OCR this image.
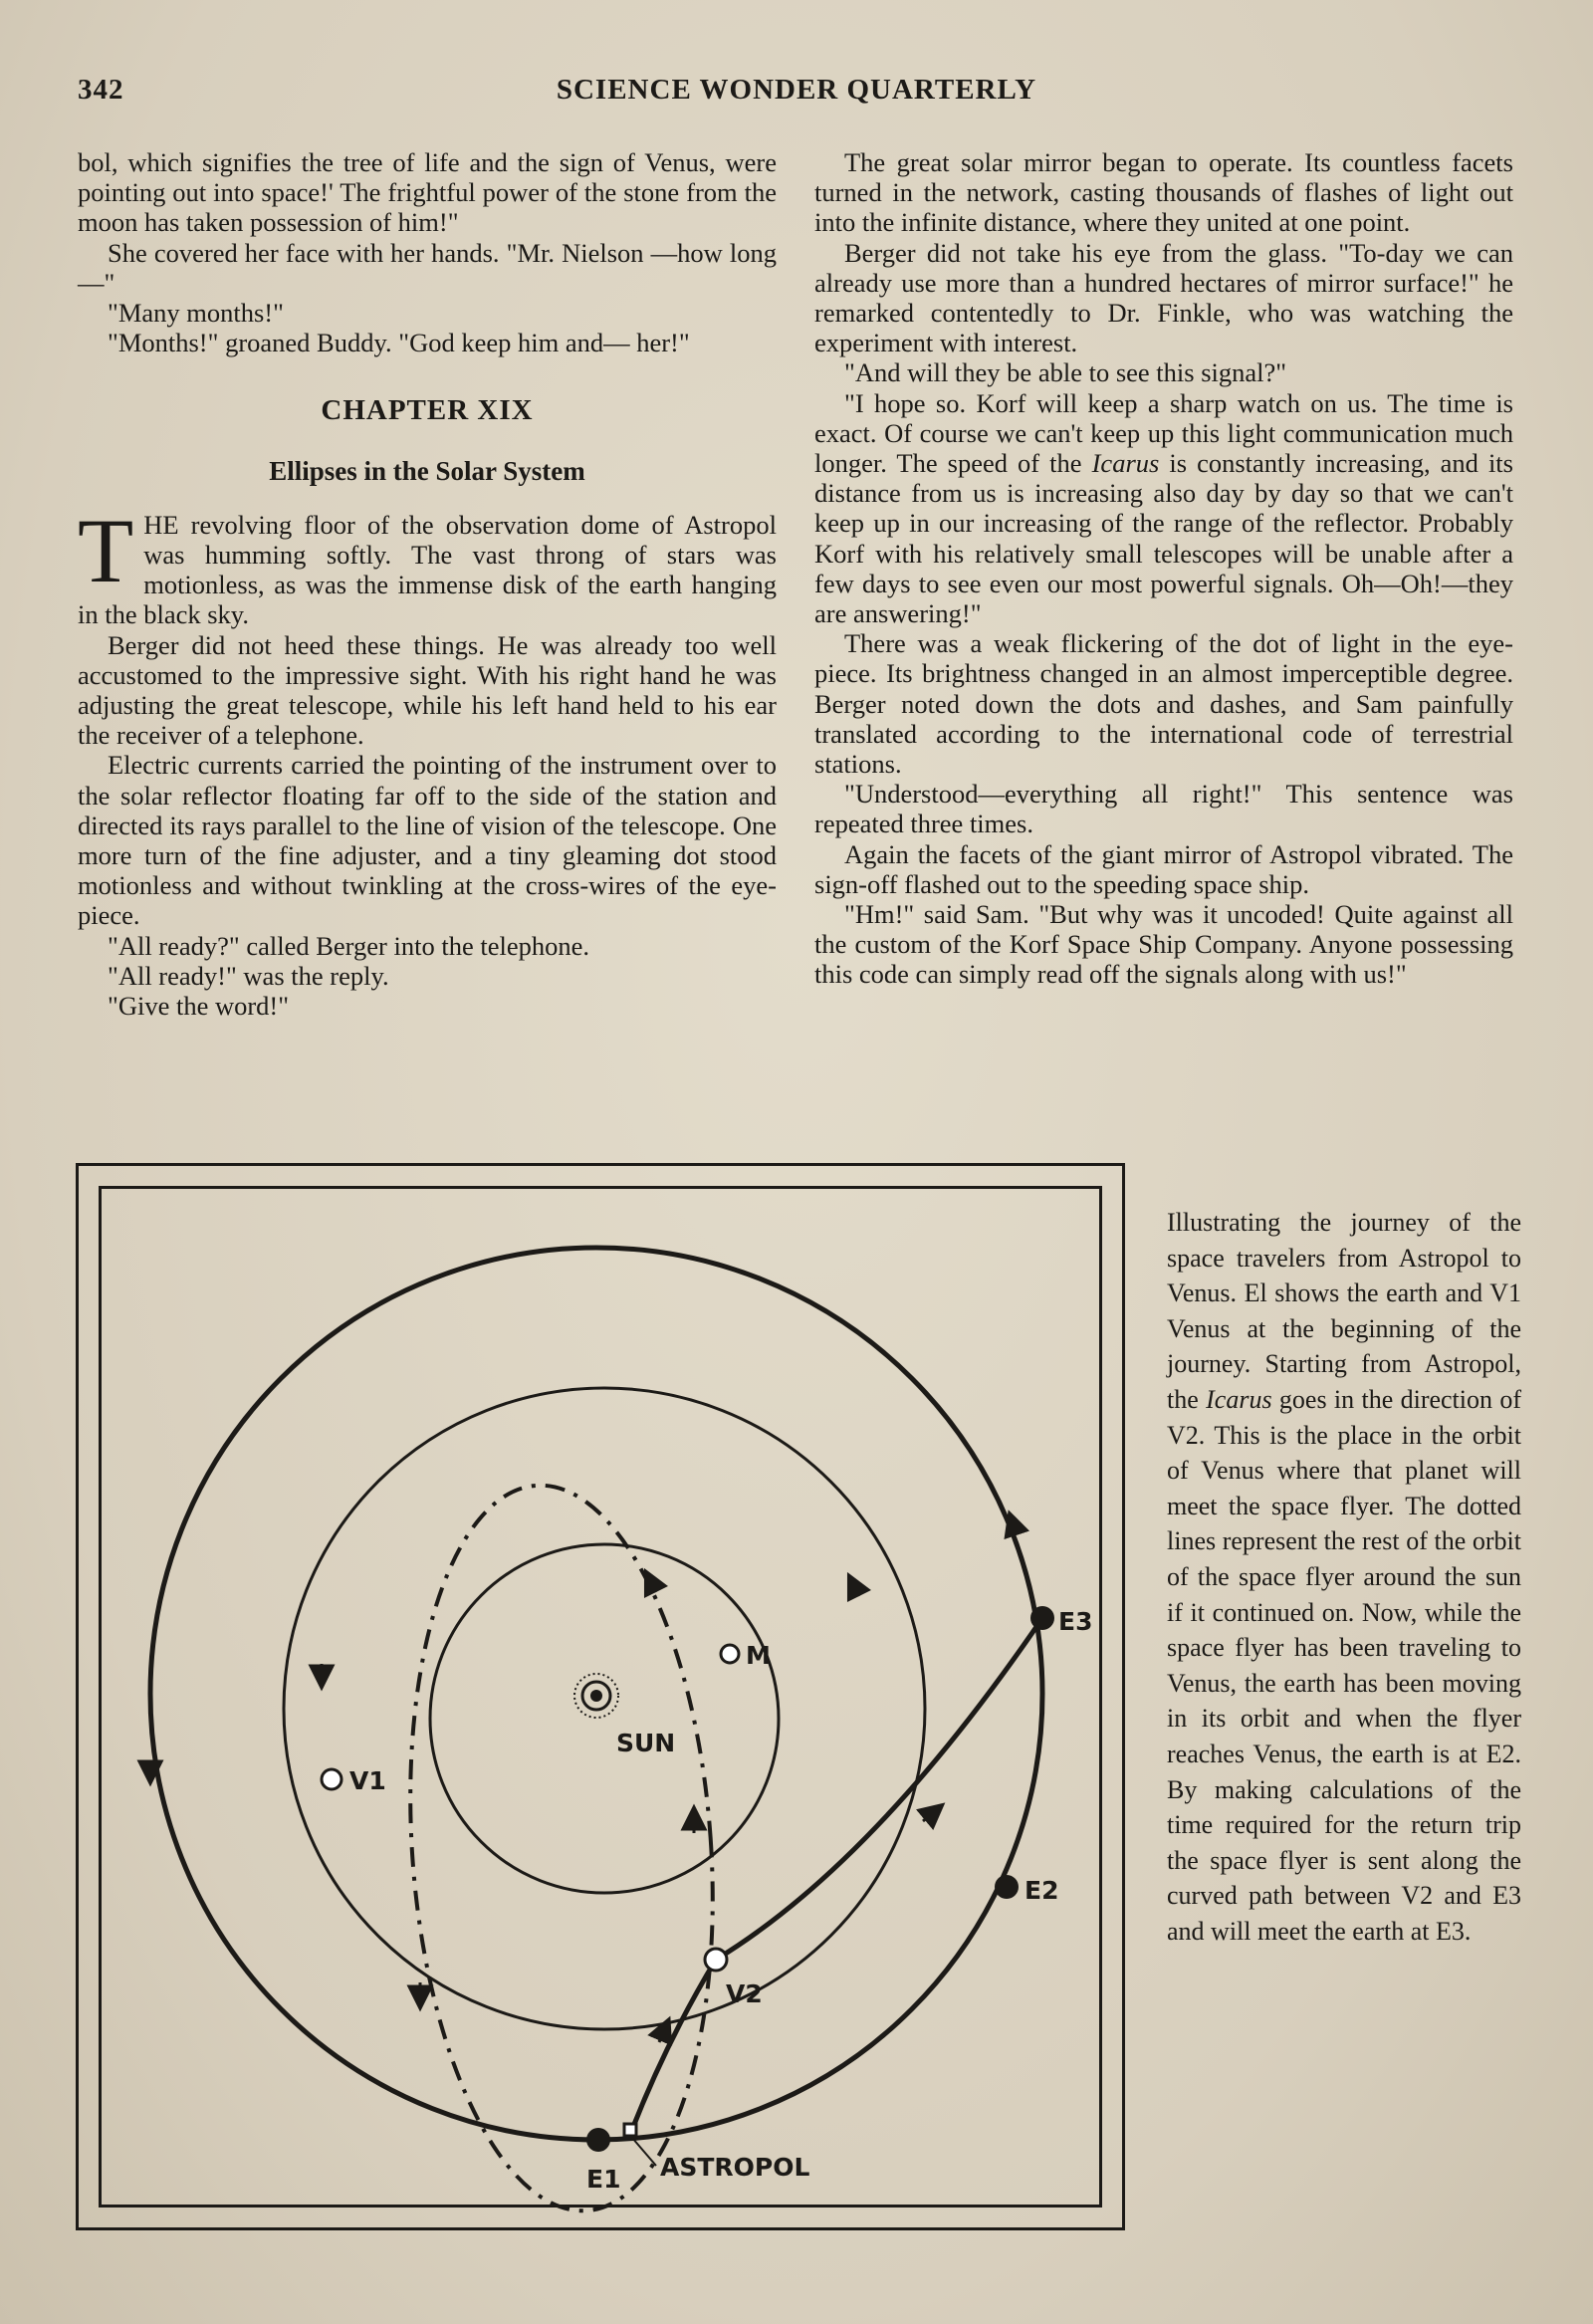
342	SCIENCE WONDER QUARTERLY

bol, which signifies the tree of life and the sign of Venus, were pointing out into space!' The frightful power of the stone from the moon has taken possession of him!"

She covered her face with her hands. "Mr. Nielson —how long—"

"Many months!"

"Months!" groaned Buddy. "God keep him and— her!"

CHAPTER XIX
Ellipses in the Solar System

THE revolving floor of the observation dome of Astropol was humming softly. The vast throng of stars was motionless, as was the immense disk of the earth hanging in the black sky.

Berger did not heed these things. He was already too well accustomed to the impressive sight. With his right hand he was adjusting the great telescope, while his left hand held to his ear the receiver of a telephone.

Electric currents carried the pointing of the instrument over to the solar reflector floating far off to the side of the station and directed its rays parallel to the line of vision of the telescope. One more turn of the fine adjuster, and a tiny gleaming dot stood motionless and without twinkling at the cross-wires of the eye-piece.

"All ready?" called Berger into the telephone.

"All ready!" was the reply.

"Give the word!"

The great solar mirror began to operate. Its countless facets turned in the network, casting thousands of flashes of light out into the infinite distance, where they united at one point.

Berger did not take his eye from the glass. "To-day we can already use more than a hundred hectares of mirror surface!" he remarked contentedly to Dr. Finkle, who was watching the experiment with interest.

"And will they be able to see this signal?"

"I hope so. Korf will keep a sharp watch on us. The time is exact. Of course we can't keep up this light communication much longer. The speed of the Icarus is constantly increasing, and its distance from us is increasing also day by day so that we can't keep up in our increasing of the range of the reflector. Probably Korf with his relatively small telescopes will be unable after a few days to see even our most powerful signals. Oh—Oh!—they are answering!"

There was a weak flickering of the dot of light in the eye-piece. Its brightness changed in an almost imperceptible degree. Berger noted down the dots and dashes, and Sam painfully translated according to the international code of terrestrial stations.

"Understood—everything all right!" This sentence was repeated three times.

Again the facets of the giant mirror of Astropol vibrated. The sign-off flashed out to the speeding space ship.

"Hm!" said Sam. "But why was it uncoded! Quite against all the custom of the Korf Space Ship Company. Anyone possessing this code can simply read off the signals along with us!"

SUN
M
V1
V2
E1 ASTROPOL
E2
E3
Illustrating the journey of the space travelers from Astropol to Venus. El shows the earth and V1 Venus at the beginning of the journey. Starting from Astropol, the Icarus goes in the direction of V2. This is the place in the orbit of Venus where that planet will meet the space flyer. The dotted lines represent the rest of the orbit of the space flyer around the sun if it continued on. Now, while the space flyer has been traveling to Venus, the earth has been moving in its orbit and when the flyer reaches Venus, the earth is at E2. By making calculations of the time required for the return trip the space flyer is sent along the curved path between V2 and E3 and will meet the earth at E3.
